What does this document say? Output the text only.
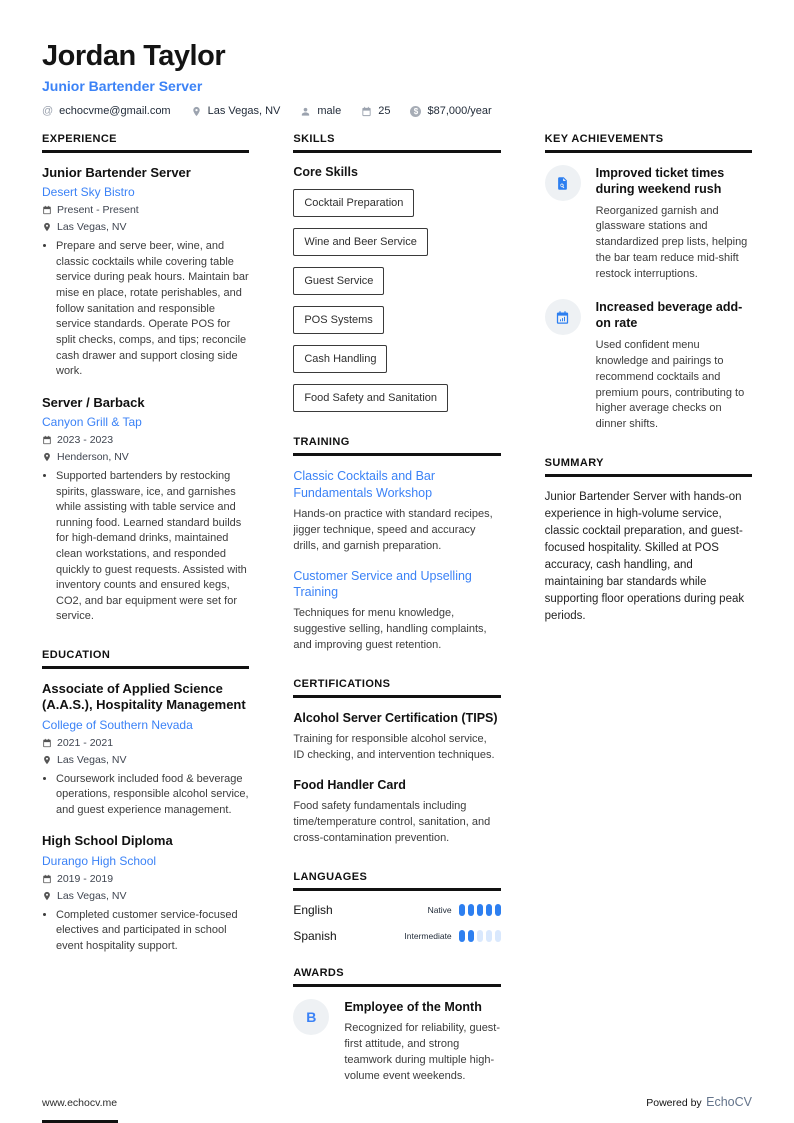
Jordan Taylor
Junior Bartender Server
@ echocvme@gmail.com	Las Vegas, NV	male	25	$ $87,000/year
EXPERIENCE
Junior Bartender Server
Desert Sky Bistro
Present - Present
Las Vegas, NV
• Prepare and serve beer, wine, and classic cocktails while covering table service during peak hours. Maintain bar mise en place, rotate perishables, and follow sanitation and responsible service standards. Operate POS for split checks, comps, and tips; reconcile cash drawer and support closing side work.
Server / Barback
Canyon Grill & Tap
2023 - 2023
Henderson, NV
• Supported bartenders by restocking spirits, glassware, ice, and garnishes while assisting with table service and running food. Learned standard builds for high-demand drinks, maintained clean workstations, and responded quickly to guest requests. Assisted with inventory counts and ensured kegs, CO2, and bar equipment were set for service.
EDUCATION
Associate of Applied Science (A.A.S.), Hospitality Management
College of Southern Nevada
2021 - 2021
Las Vegas, NV
• Coursework included food & beverage operations, responsible alcohol service, and guest experience management.
High School Diploma
Durango High School
2019 - 2019
Las Vegas, NV
• Completed customer service-focused electives and participated in school event hospitality support.
SKILLS
Core Skills
Cocktail Preparation
Wine and Beer Service
Guest Service
POS Systems
Cash Handling
Food Safety and Sanitation
TRAINING
Classic Cocktails and Bar Fundamentals Workshop
Hands-on practice with standard recipes, jigger technique, speed and accuracy drills, and garnish preparation.
Customer Service and Upselling Training
Techniques for menu knowledge, suggestive selling, handling complaints, and improving guest retention.
CERTIFICATIONS
Alcohol Server Certification (TIPS)
Training for responsible alcohol service, ID checking, and intervention techniques.
Food Handler Card
Food safety fundamentals including time/temperature control, sanitation, and cross-contamination prevention.
LANGUAGES
English	Native
Spanish	Intermediate
AWARDS
B
Employee of the Month
Recognized for reliability, guest-first attitude, and strong teamwork during multiple high-volume event weekends.
KEY ACHIEVEMENTS
Improved ticket times during weekend rush
Reorganized garnish and glassware stations and standardized prep lists, helping the bar team reduce mid-shift restock interruptions.
Increased beverage add-on rate
Used confident menu knowledge and pairings to recommend cocktails and premium pours, contributing to higher average checks on dinner shifts.
SUMMARY
Junior Bartender Server with hands-on experience in high-volume service, classic cocktail preparation, and guest-focused hospitality. Skilled at POS accuracy, cash handling, and maintaining bar standards while supporting floor operations during peak periods.
www.echocv.me	Powered by EchoCV
